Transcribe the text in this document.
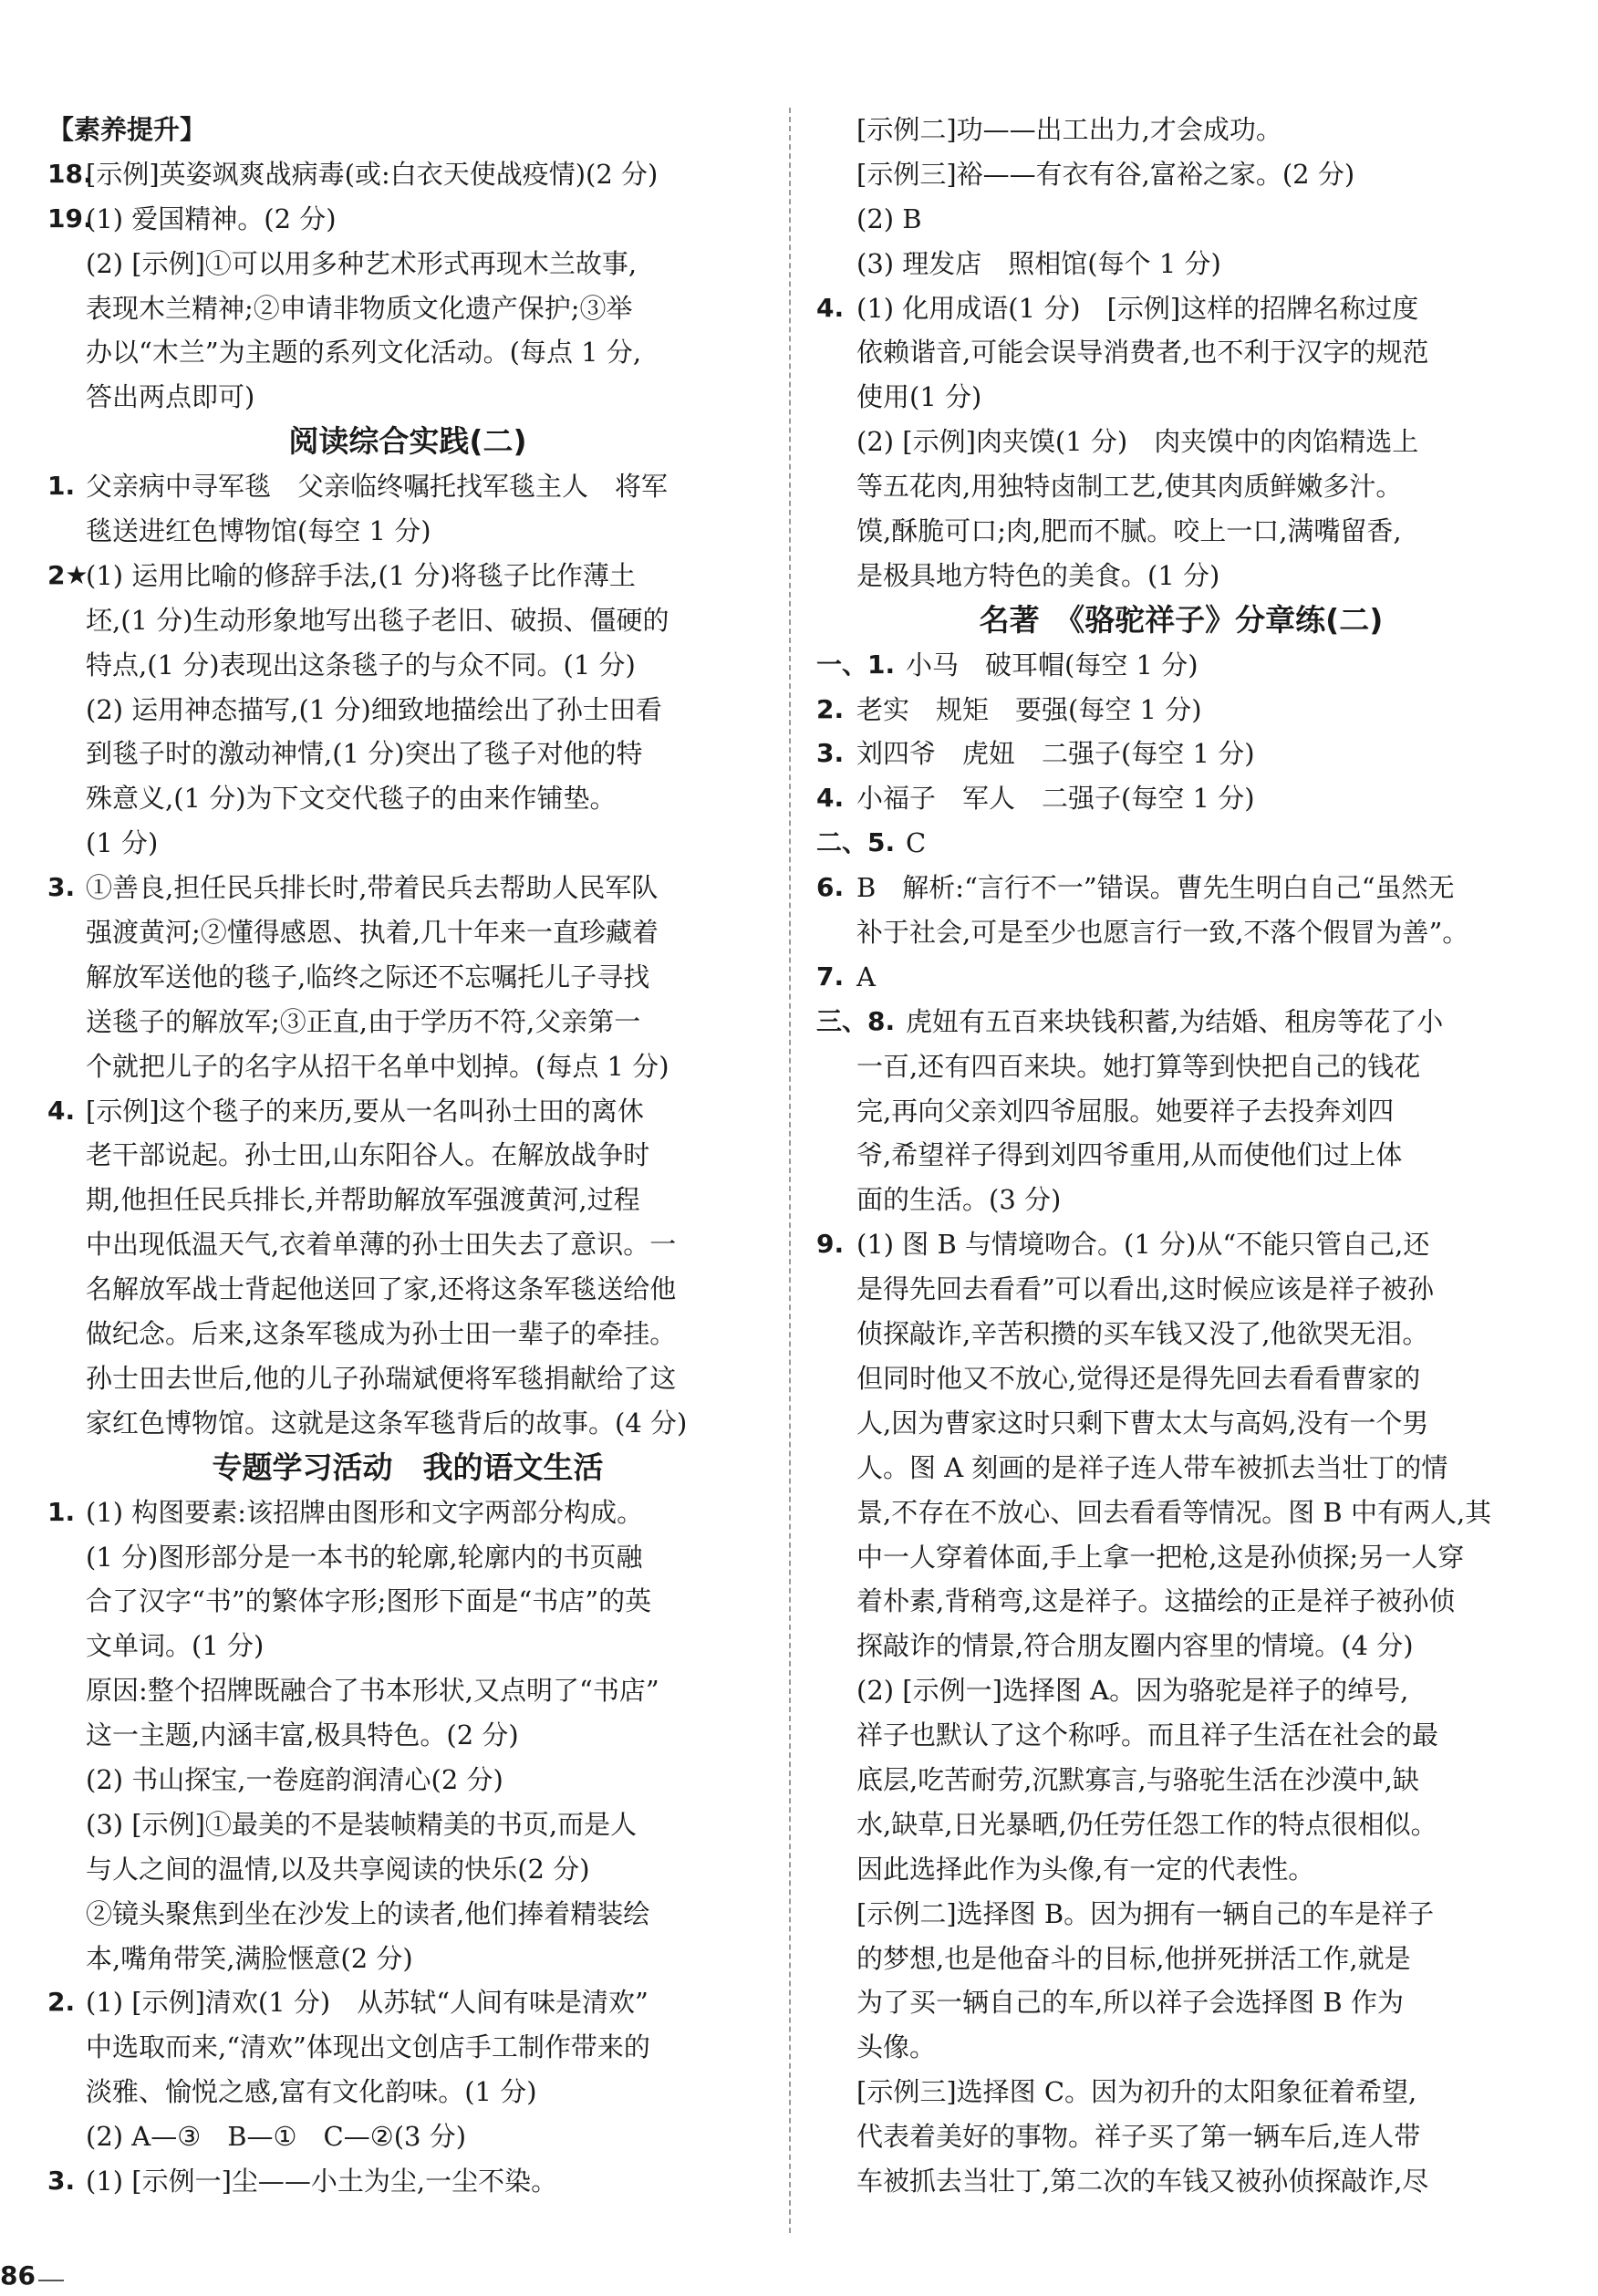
【素养提升】
18.
[示例]英姿飒爽战病毒(或:白衣天使战疫情)(2 分)
19.
(1) 爱国精神。(2 分)
(2) [示例]①可以用多种艺术形式再现木兰故事,
表现木兰精神;②申请非物质文化遗产保护;③举
办以“木兰”为主题的系列文化活动。(每点 1 分,
答出两点即可)
阅读综合实践(二)
1. 父亲病中寻军毯　父亲临终嘱托找军毯主人　将军
毯送进红色博物馆(每空 1 分)
2★
(1) 运用比喻的修辞手法,(1 分)将毯子比作薄土
坯,(1 分)生动形象地写出毯子老旧、破损、僵硬的
特点,(1 分)表现出这条毯子的与众不同。(1 分)
(2) 运用神态描写,(1 分)细致地描绘出了孙士田看
到毯子时的激动神情,(1 分)突出了毯子对他的特
殊意义,(1 分)为下文交代毯子的由来作铺垫。
(1 分)
3. ①善良,担任民兵排长时,带着民兵去帮助人民军队
强渡黄河;②懂得感恩、执着,几十年来一直珍藏着
解放军送他的毯子,临终之际还不忘嘱托儿子寻找
送毯子的解放军;③正直,由于学历不符,父亲第一
个就把儿子的名字从招干名单中划掉。(每点 1 分)
4. [示例]这个毯子的来历,要从一名叫孙士田的离休
老干部说起。孙士田,山东阳谷人。在解放战争时
期,他担任民兵排长,并帮助解放军强渡黄河,过程
中出现低温天气,衣着单薄的孙士田失去了意识。一
名解放军战士背起他送回了家,还将这条军毯送给他
做纪念。后来,这条军毯成为孙士田一辈子的牵挂。
孙士田去世后,他的儿子孙瑞斌便将军毯捐献给了这
家红色博物馆。这就是这条军毯背后的故事。(4 分)
专题学习活动　我的语文生活
1. (1) 构图要素:该招牌由图形和文字两部分构成。
(1 分)图形部分是一本书的轮廓,轮廓内的书页融
合了汉字“书”的繁体字形;图形下面是“书店”的英
文单词。(1 分)
原因:整个招牌既融合了书本形状,又点明了“书店”
这一主题,内涵丰富,极具特色。(2 分)
(2) 书山探宝,一卷庭韵润清心(2 分)
(3) [示例]①最美的不是装帧精美的书页,而是人
与人之间的温情,以及共享阅读的快乐(2 分)
②镜头聚焦到坐在沙发上的读者,他们捧着精装绘
本,嘴角带笑,满脸惬意(2 分)
2. (1) [示例]清欢(1 分)　从苏轼“人间有味是清欢”
中选取而来,“清欢”体现出文创店手工制作带来的
淡雅、愉悦之感,富有文化韵味。(1 分)
(2) A—③　B—①　C—②(3 分)
3. (1) [示例一]尘——小土为尘,一尘不染。
86
[示例二]功——出工出力,才会成功。
[示例三]裕——有衣有谷,富裕之家。(2 分)
(2) B
(3) 理发店　照相馆(每个 1 分)
4. (1) 化用成语(1 分)　[示例]这样的招牌名称过度
依赖谐音,可能会误导消费者,也不利于汉字的规范
使用(1 分)
(2) [示例]肉夹馍(1 分)　肉夹馍中的肉馅精选上
等五花肉,用独特卤制工艺,使其肉质鲜嫩多汁。
馍,酥脆可口;肉,肥而不腻。咬上一口,满嘴留香,
是极具地方特色的美食。(1 分)
名著　《骆驼祥子》分章练(二)
一、1. 小马　破耳帽(每空 1 分)
2. 老实　规矩　要强(每空 1 分)
3. 刘四爷　虎妞　二强子(每空 1 分)
4. 小福子　军人　二强子(每空 1 分)
二、5. C
6. B　解析:“言行不一”错误。曹先生明白自己“虽然无
补于社会,可是至少也愿言行一致,不落个假冒为善”。
7. A
三、8. 虎妞有五百来块钱积蓄,为结婚、租房等花了小
一百,还有四百来块。她打算等到快把自己的钱花
完,再向父亲刘四爷屈服。她要祥子去投奔刘四
爷,希望祥子得到刘四爷重用,从而使他们过上体
面的生活。(3 分)
9. (1) 图 B 与情境吻合。(1 分)从“不能只管自己,还
是得先回去看看”可以看出,这时候应该是祥子被孙
侦探敲诈,辛苦积攒的买车钱又没了,他欲哭无泪。
但同时他又不放心,觉得还是得先回去看看曹家的
人,因为曹家这时只剩下曹太太与高妈,没有一个男
人。图 A 刻画的是祥子连人带车被抓去当壮丁的情
景,不存在不放心、回去看看等情况。图 B 中有两人,其
中一人穿着体面,手上拿一把枪,这是孙侦探;另一人穿
着朴素,背稍弯,这是祥子。这描绘的正是祥子被孙侦
探敲诈的情景,符合朋友圈内容里的情境。(4 分)
(2) [示例一]选择图 A。因为骆驼是祥子的绰号,
祥子也默认了这个称呼。而且祥子生活在社会的最
底层,吃苦耐劳,沉默寡言,与骆驼生活在沙漠中,缺
水,缺草,日光暴晒,仍任劳任怨工作的特点很相似。
因此选择此作为头像,有一定的代表性。
[示例二]选择图 B。因为拥有一辆自己的车是祥子
的梦想,也是他奋斗的目标,他拼死拼活工作,就是
为了买一辆自己的车,所以祥子会选择图 B 作为
头像。
[示例三]选择图 C。因为初升的太阳象征着希望,
代表着美好的事物。祥子买了第一辆车后,连人带
车被抓去当壮丁,第二次的车钱又被孙侦探敲诈,尽
